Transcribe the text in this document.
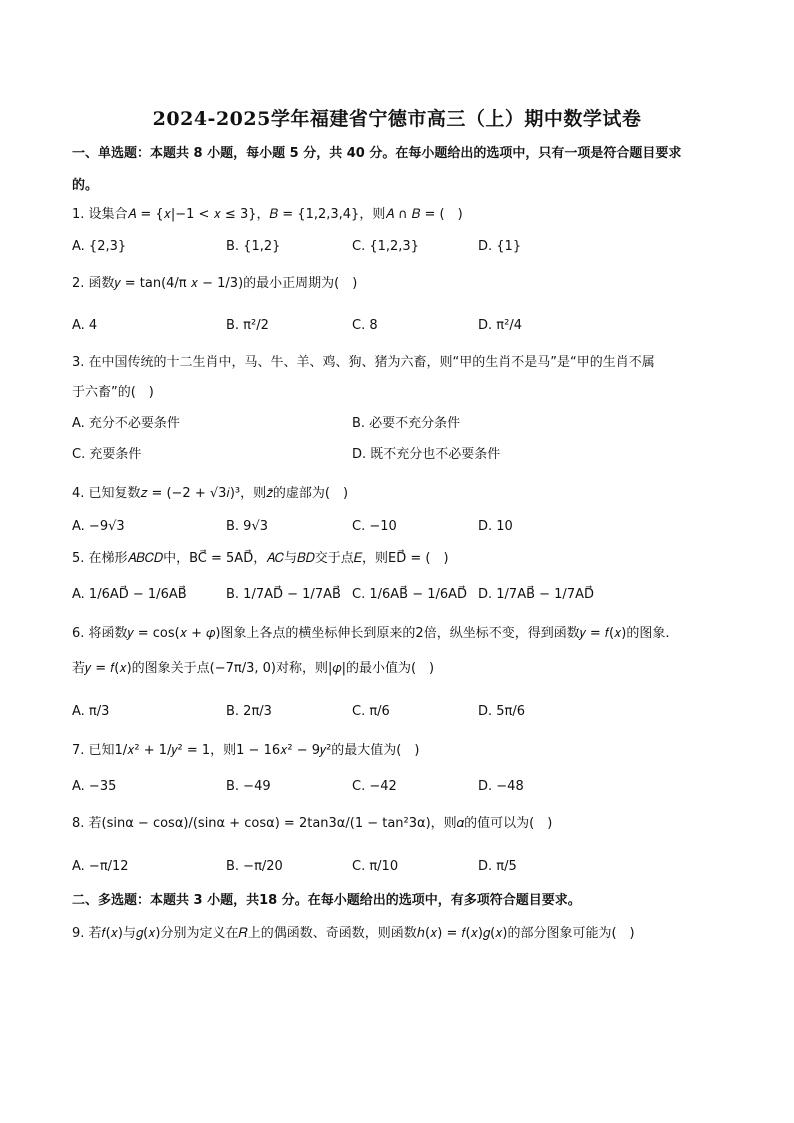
2024-2025学年福建省宁德市高三（上）期中数学试卷
一、单选题：本题共 8 小题，每小题 5 分，共 40 分。在每小题给出的选项中，只有一项是符合题目要求
的。
1. 设集合𝐴 = {𝑥|−1 < 𝑥 ≤ 3}，𝐵 = {1,2,3,4}，则𝐴 ∩ 𝐵 = (　)
A. {2,3}	B. {1,2}	C. {1,2,3}	D. {1}
2. 函数𝑦 = tan(4/π 𝑥 − 1/3)的最小正周期为(　)
A. 4	B. π²/2	C. 8	D. π²/4
3. 在中国传统的十二生肖中，马、牛、羊、鸡、狗、猪为六畜，则“甲的生肖不是马”是“甲的生肖不属
于六畜”的(　)
A. 充分不必要条件	B. 必要不充分条件
C. 充要条件	D. 既不充分也不必要条件
4. 已知复数𝑧 = (−2 + √3𝑖)³，则𝑧̄的虚部为(　)
A. −9√3	B. 9√3	C. −10	D. 10
5. 在梯形𝐴𝐵𝐶𝐷中，BC⃗ = 5AD⃗，𝐴𝐶与𝐵𝐷交于点𝐸，则ED⃗ = (　)
A. 1/6AD⃗ − 1/6AB⃗	B. 1/7AD⃗ − 1/7AB⃗ C. 1/6AB⃗ − 1/6AD⃗ D. 1/7AB⃗ − 1/7AD⃗
6. 将函数𝑦 = cos(𝑥 + 𝜑)图象上各点的横坐标伸长到原来的2倍，纵坐标不变，得到函数𝑦 = 𝑓(𝑥)的图象.
若𝑦 = 𝑓(𝑥)的图象关于点(−7π/3, 0)对称，则|𝜑|的最小值为(　)
A. π/3	B. 2π/3	C. π/6	D. 5π/6
7. 已知1/𝑥² + 1/𝑦² = 1，则1 − 16𝑥² − 9𝑦²的最大值为(　)
A. −35	B. −49	C. −42	D. −48
8. 若(sinα − cosα)/(sinα + cosα) = 2tan3α/(1 − tan²3α)，则𝛼的值可以为(　)
A. −π/12	B. −π/20	C. π/10	D. π/5
二、多选题：本题共 3 小题，共18 分。在每小题给出的选项中，有多项符合题目要求。
9. 若𝑓(𝑥)与𝑔(𝑥)分别为定义在𝑅上的偶函数、奇函数，则函数ℎ(𝑥) = 𝑓(𝑥)𝑔(𝑥)的部分图象可能为(　)
